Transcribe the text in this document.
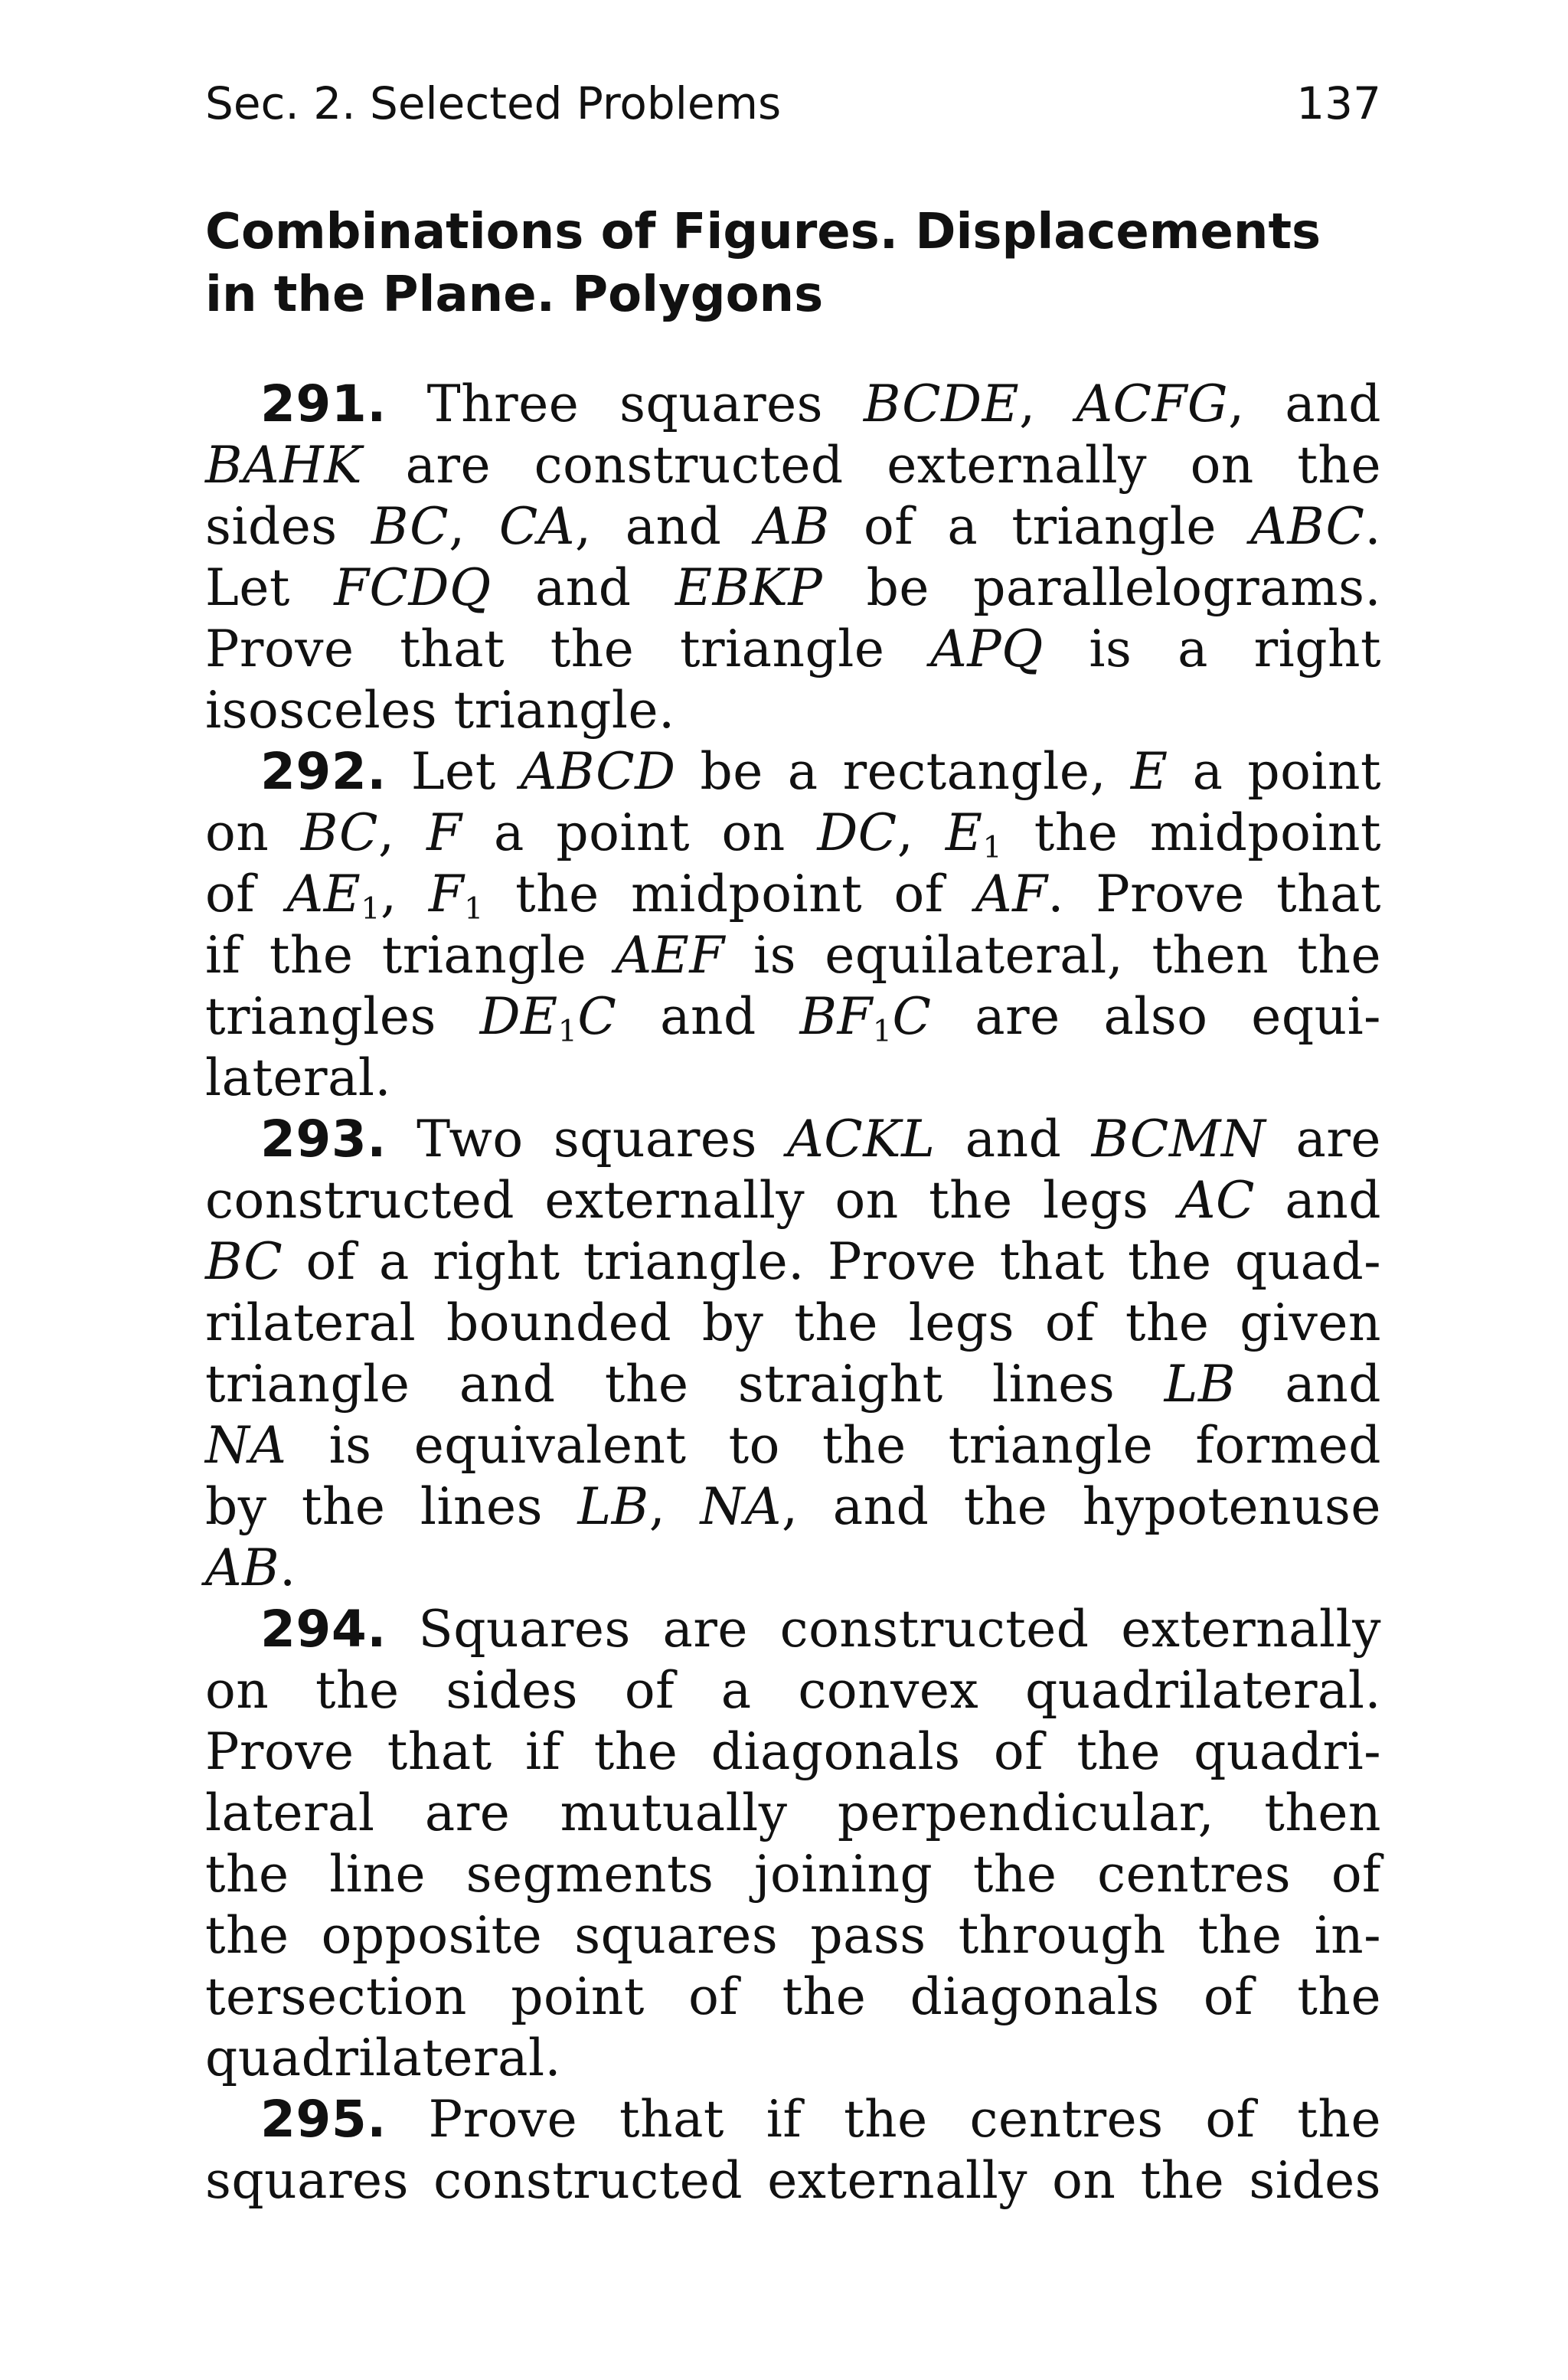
Sec. 2. Selected Problems	137
Combinations of Figures. Displacements
in the Plane. Polygons
291. Three squares BCDE, ACFG, and
BAHK are constructed externally on the
sides BC, CA, and AB of a triangle ABC.
Let FCDQ and EBKP be parallelograms.
Prove that the triangle APQ is a right
isosceles triangle.
292. Let ABCD be a rectangle, E a point
on BC, F a point on DC, $E_1$ the midpoint
of $AE_1$, $F_1$ the midpoint of AF. Prove that
if the triangle AEF is equilateral, then the
triangles $DE_1C$ and $BF_1C$ are also equi-
lateral.
293. Two squares ACKL and BCMN are
constructed externally on the legs AC and
BC of a right triangle. Prove that the quad-
rilateral bounded by the legs of the given
triangle and the straight lines LB and
NA is equivalent to the triangle formed
by the lines LB, NA, and the hypotenuse
AB.
294. Squares are constructed externally
on the sides of a convex quadrilateral.
Prove that if the diagonals of the quadri-
lateral are mutually perpendicular, then
the line segments joining the centres of
the opposite squares pass through the in-
tersection point of the diagonals of the
quadrilateral.
295. Prove that if the centres of the
squares constructed externally on the sides
